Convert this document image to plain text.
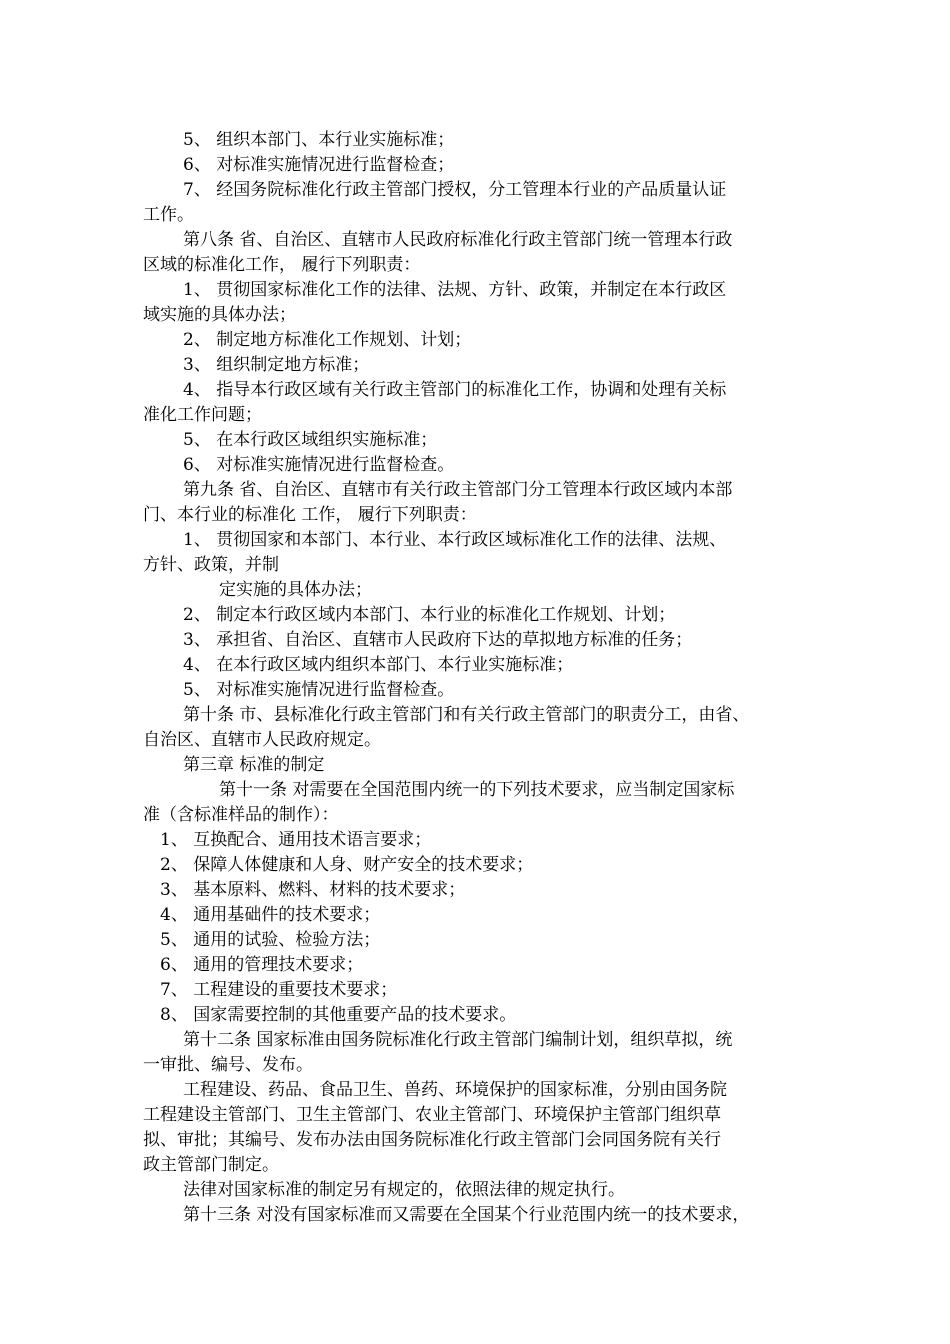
5、 组织本部门、本行业实施标准；
6、 对标准实施情况进行监督检查；
7、 经国务院标准化行政主管部门授权，分工管理本行业的产品质量认证
工作。
第八条 省、自治区、直辖市人民政府标准化行政主管部门统一管理本行政
区域的标准化工作， 履行下列职责：
1、 贯彻国家标准化工作的法律、法规、方针、政策，并制定在本行政区
域实施的具体办法；
2、 制定地方标准化工作规划、计划；
3、 组织制定地方标准；
4、 指导本行政区域有关行政主管部门的标准化工作，协调和处理有关标
准化工作问题；
5、 在本行政区域组织实施标准；
6、 对标准实施情况进行监督检查。
第九条 省、自治区、直辖市有关行政主管部门分工管理本行政区域内本部
门、本行业的标准化 工作， 履行下列职责：
1、 贯彻国家和本部门、本行业、本行政区域标准化工作的法律、法规、
方针、政策，并制
定实施的具体办法；
2、 制定本行政区域内本部门、本行业的标准化工作规划、计划；
3、 承担省、自治区、直辖市人民政府下达的草拟地方标准的任务；
4、 在本行政区域内组织本部门、本行业实施标准；
5、 对标准实施情况进行监督检查。
第十条 市、县标准化行政主管部门和有关行政主管部门的职责分工，由省、
自治区、直辖市人民政府规定。
第三章 标准的制定
第十一条 对需要在全国范围内统一的下列技术要求，应当制定国家标
准（含标准样品的制作）：
1、 互换配合、通用技术语言要求；
2、 保障人体健康和人身、财产安全的技术要求；
3、 基本原料、燃料、材料的技术要求；
4、 通用基础件的技术要求；
5、 通用的试验、检验方法；
6、 通用的管理技术要求；
7、 工程建设的重要技术要求；
8、 国家需要控制的其他重要产品的技术要求。
第十二条 国家标准由国务院标准化行政主管部门编制计划，组织草拟，统
一审批、编号、发布。
工程建设、药品、食品卫生、兽药、环境保护的国家标准，分别由国务院
工程建设主管部门、卫生主管部门、农业主管部门、环境保护主管部门组织草
拟、审批；其编号、发布办法由国务院标准化行政主管部门会同国务院有关行
政主管部门制定。
法律对国家标准的制定另有规定的，依照法律的规定执行。
第十三条 对没有国家标准而又需要在全国某个行业范围内统一的技术要求，
